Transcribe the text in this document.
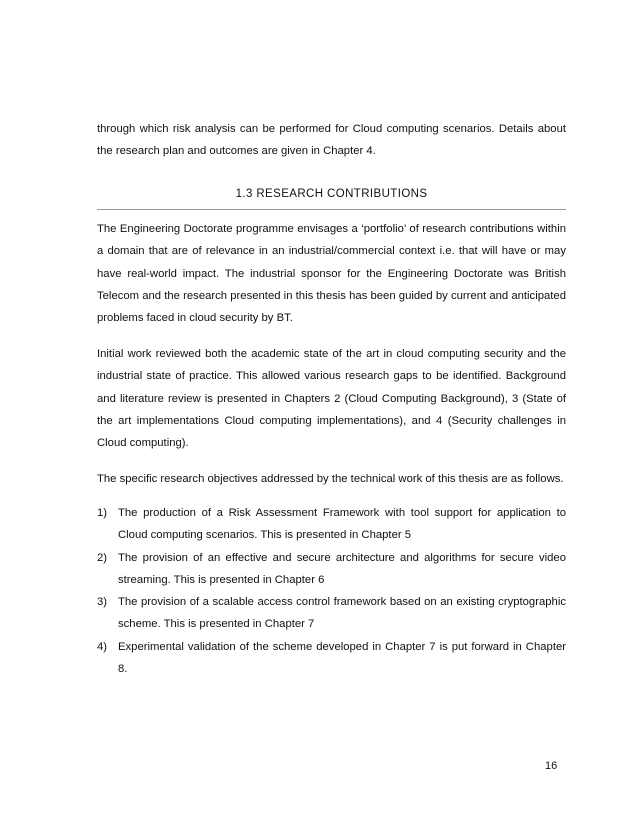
through which risk analysis can be performed for Cloud computing scenarios. Details about the research plan and outcomes are given in Chapter 4.
1.3 RESEARCH CONTRIBUTIONS
The Engineering Doctorate programme envisages a ‘portfolio’ of research contributions within a domain that are of relevance in an industrial/commercial context i.e. that will have or may have real-world impact. The industrial sponsor for the Engineering Doctorate was British Telecom and the research presented in this thesis has been guided by current and anticipated problems faced in cloud security by BT.
Initial work reviewed both the academic state of the art in cloud computing security and the industrial state of practice. This allowed various research gaps to be identified. Background and literature review is presented in Chapters 2 (Cloud Computing Background), 3 (State of the art implementations Cloud computing implementations), and 4 (Security challenges in Cloud computing).
The specific research objectives addressed by the technical work of this thesis are as follows.
1) The production of a Risk Assessment Framework with tool support for application to Cloud computing scenarios. This is presented in Chapter 5
2) The provision of an effective and secure architecture and algorithms for secure video streaming. This is presented in Chapter 6
3) The provision of a scalable access control framework based on an existing cryptographic scheme. This is presented in Chapter 7
4) Experimental validation of the scheme developed in Chapter 7 is put forward in Chapter 8.
16
